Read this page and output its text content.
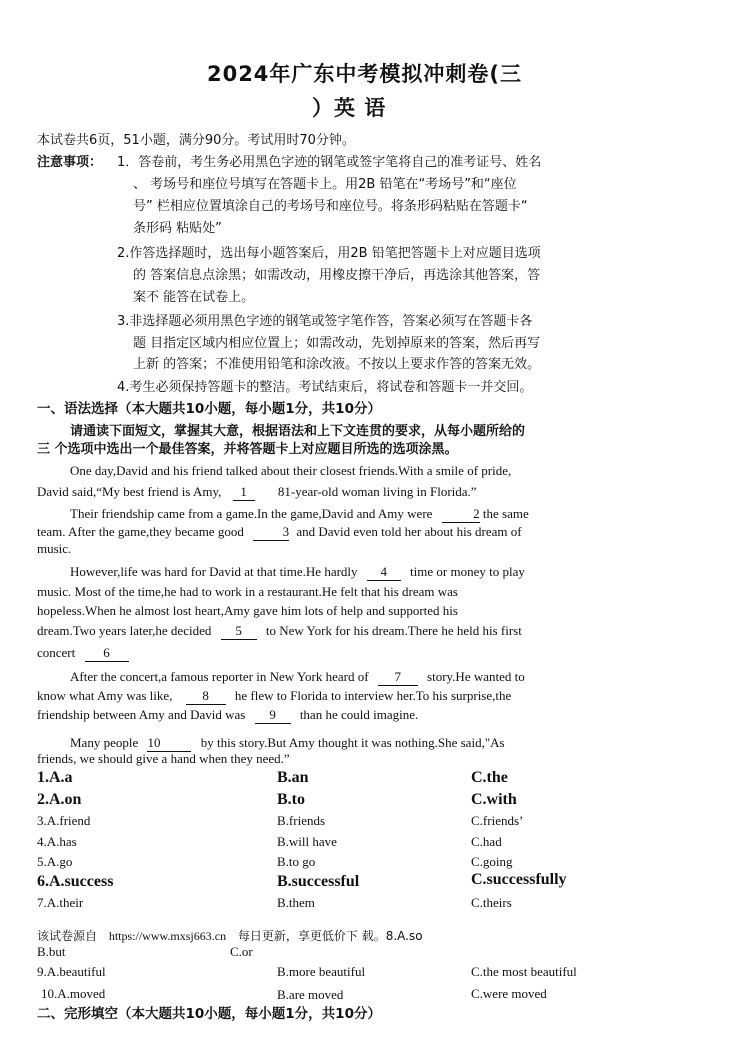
2024年广东中考模拟冲刺卷(三
）英 语
本试卷共6页，51小题，满分90分。考试用时70分钟。
注意事项： 1．答卷前，考生务必用黑色字迹的钢笔或签字笔将自己的准考证号、姓名
、 考场号和座位号填写在答题卡上。用2B 铅笔在“考场号”和“座位
号” 栏相应位置填涂自己的考场号和座位号。将条形码粘贴在答题卡“
条形码 粘贴处”
2.作答选择题时，选出每小题答案后，用2B 铅笔把答题卡上对应题目选项
的 答案信息点涂黑；如需改动，用橡皮擦干净后，再选涂其他答案，答
案不 能答在试卷上。
3.非选择题必须用黑色字迹的钢笔或签字笔作答，答案必须写在答题卡各
题 目指定区域内相应位置上；如需改动，先划掉原来的答案，然后再写
上新 的答案；不准使用铅笔和涂改液。不按以上要求作答的答案无效。
4.考生必须保持答题卡的整洁。考试结束后，将试卷和答题卡一并交回。
一、语法选择（本大题共10小题，每小题1分，共10分）
请通读下面短文，掌握其大意，根据语法和上下文连贯的要求，从每小题所给的
三 个选项中选出一个最佳答案，并将答题卡上对应题目所选的选项涂黑。
One day,David and his friend talked about their closest friends.With a smile of pride,
David said,“My best friend is Amy, 1 81-year-old woman living in Florida.”
Their friendship came from a game.In the game,David and Amy were	2 the same
team. After the game,they became good	3 and David even told her about his dream of
music.
However,life was hard for David at that time.He hardly 4 time or money to play
music. Most of the time,he had to work in a restaurant.He felt that his dream was
hopeless.When he almost lost heart,Amy gave him lots of help and supported his
dream.Two years later,he decided 5 to New York for his dream.There he held his first
concert 6
After the concert,a famous reporter in New York heard of 7 story.He wanted to
know what Amy was like, 8 he flew to Florida to interview her.To his surprise,the
friendship between Amy and David was 9 than he could imagine.
Many people 10	by this story.But Amy thought it was nothing.She said,"As
friends, we should give a hand when they need.”
1.A.a	B.an	C.the
2.A.on	B.to	C.with
3.A.friend	B.friends	C.friends’
4.A.has	B.will have	C.had
5.A.go	B.to go	C.going
6.A.success	B.successful	C.successfully
7.A.their	B.them	C.theirs
该试卷源自 https://www.mxsj663.cn 每日更新，享更低价下 载。8.A.so
B.but	C.or
9.A.beautiful	B.more beautiful	C.the most beautiful
10.A.moved	B.are moved	C.were moved
二、完形填空（本大题共10小题，每小题1分，共10分）
